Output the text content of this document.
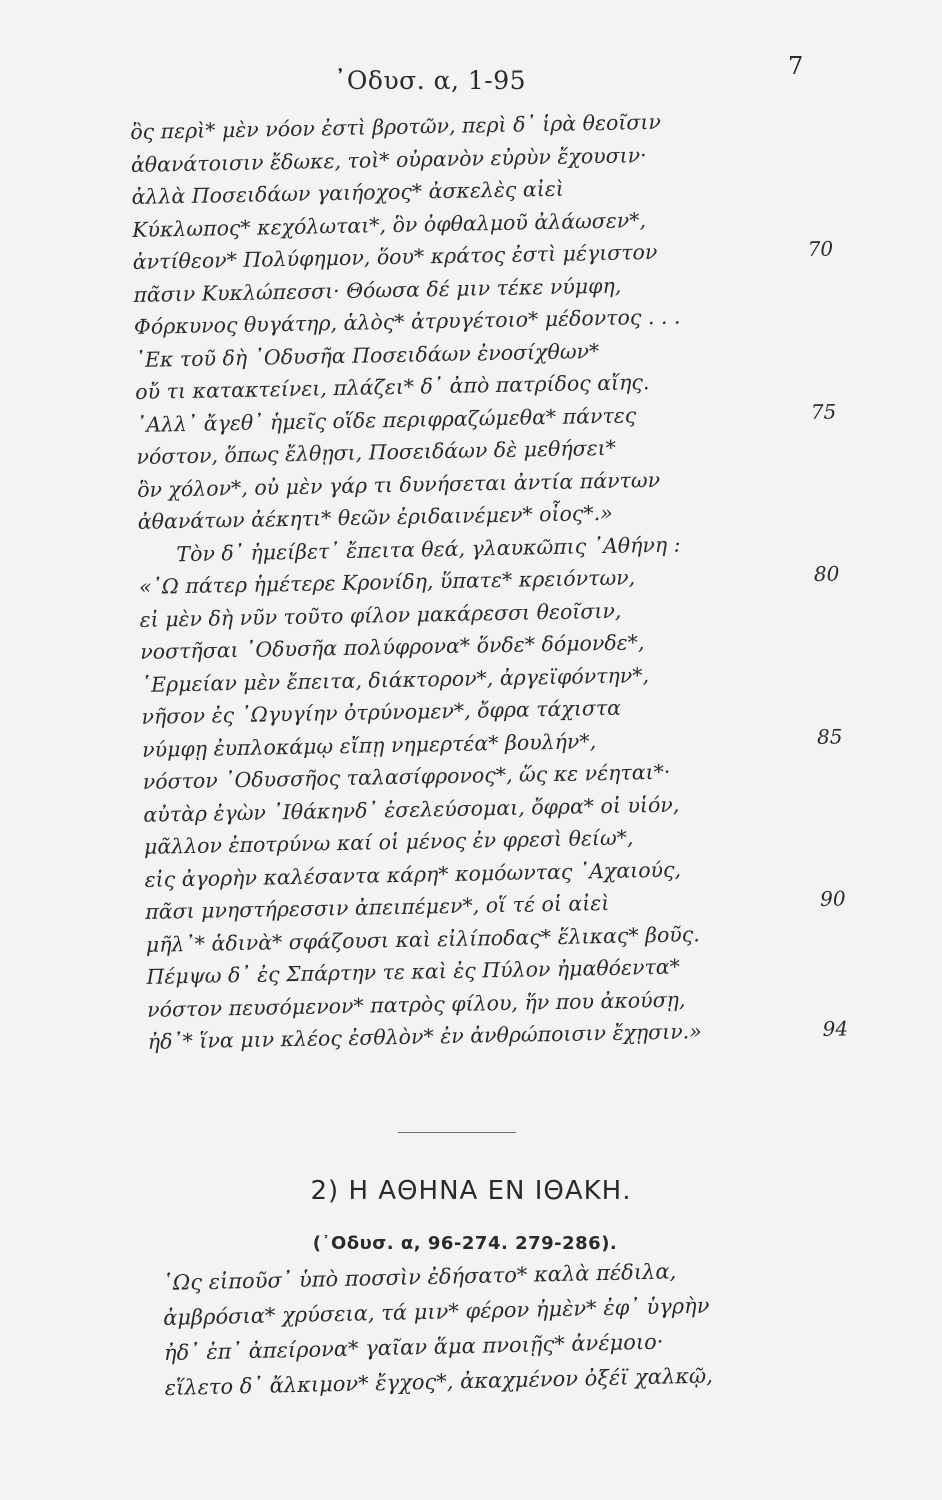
᾿Οδυσ. α, 1-95	7
ὃς περὶ* μὲν νόον ἐστὶ βροτῶν, περὶ δ᾿ ἱρὰ θεοῖσιν
ἀθανάτοισιν ἔδωκε, τοὶ* οὐρανὸν εὐρὺν ἔχουσιν·
ἀλλὰ Ποσειδάων γαιήοχος* ἀσκελὲς αἰεὶ
Κύκλωπος* κεχόλωται*, ὃν ὀφθαλμοῦ ἀλάωσεν*,
ἀντίθεον* Πολύφημον, ὅου* κράτος ἐστὶ μέγιστον	70
πᾶσιν Κυκλώπεσσι· Θόωσα δέ μιν τέκε νύμφη,
Φόρκυνος θυγάτηρ, ἁλὸς* ἀτρυγέτοιο* μέδοντος . . .
᾿Εκ τοῦ δὴ ᾿Οδυσῆα Ποσειδάων ἐνοσίχθων*
οὔ τι κατακτείνει, πλάζει* δ᾿ ἀπὸ πατρίδος αἴης.
᾿Αλλ᾿ ἄγεθ᾿ ἡμεῖς οἵδε περιφραζώμεθα* πάντες	75
νόστον, ὅπως ἔλθῃσι, Ποσειδάων δὲ μεθήσει*
ὃν χόλον*, οὐ μὲν γάρ τι δυνήσεται ἀντία πάντων
ἀθανάτων ἀέκητι* θεῶν ἐριδαινέμεν* οἶος*.»
Τὸν δ᾿ ἠμείβετ᾿ ἔπειτα θεά, γλαυκῶπις ᾿Αθήνη :
«᾿Ω πάτερ ἡμέτερε Κρονίδη, ὕπατε* κρειόντων,	80
εἰ μὲν δὴ νῦν τοῦτο φίλον μακάρεσσι θεοῖσιν,
νοστῆσαι ᾿Οδυσῆα πολύφρονα* ὅνδε* δόμονδε*,
῾Ερμείαν μὲν ἔπειτα, διάκτορον*, ἀργεϊφόντην*,
νῆσον ἐς ᾿Ωγυγίην ὀτρύνομεν*, ὄφρα τάχιστα
νύμφῃ ἐυπλοκάμῳ εἴπῃ νημερτέα* βουλήν*,	85
νόστον ᾿Οδυσσῆος ταλασίφρονος*, ὥς κε νέηται*·
αὐτὰρ ἐγὼν ᾿Ιθάκηνδ᾿ ἐσελεύσομαι, ὄφρα* οἱ υἱόν,
μᾶλλον ἐποτρύνω καί οἱ μένος ἐν φρεσὶ θείω*,
εἰς ἀγορὴν καλέσαντα κάρη* κομόωντας ᾿Αχαιούς,
πᾶσι μνηστήρεσσιν ἀπειπέμεν*, οἵ τέ οἱ αἰεὶ	90
μῆλ᾿* ἁδινὰ* σφάζουσι καὶ εἰλίποδας* ἕλικας* βοῦς.
Πέμψω δ᾿ ἐς Σπάρτην τε καὶ ἐς Πύλον ἠμαθόεντα*
νόστον πευσόμενον* πατρὸς φίλου, ἥν που ἀκούσῃ,
ἠδ᾿* ἵνα μιν κλέος ἐσθλὸν* ἐν ἀνθρώποισιν ἔχῃσιν.»	94
2) Η ΑΘΗΝΑ ΕΝ ΙΘΑΚΗ.
(᾿Οδυσ. α, 96-274. 279-286).
῾Ως εἰποῦσ᾿ ὑπὸ ποσσὶν ἐδήσατο* καλὰ πέδιλα,
ἀμβρόσια* χρύσεια, τά μιν* φέρον ἠμὲν* ἐφ᾿ ὑγρὴν
ἠδ᾿ ἐπ᾿ ἀπείρονα* γαῖαν ἅμα πνοιῇς* ἀνέμοιο·
εἵλετο δ᾿ ἄλκιμον* ἔγχος*, ἀκαχμένον ὀξέϊ χαλκῷ,
